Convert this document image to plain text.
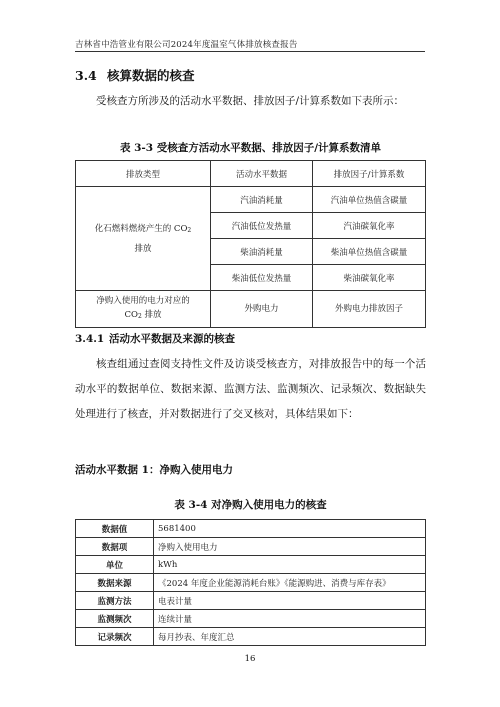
吉林省中浩管业有限公司2024年度温室气体排放核查报告
3.4 核算数据的核查
受核查方所涉及的活动水平数据、排放因子/计算系数如下表所示：
表 3-3 受核查方活动水平数据、排放因子/计算系数清单
排放类型	活动水平数据	排放因子/计算系数
化石燃料燃烧产生的 $CO_2$
排放	汽油消耗量	汽油单位热值含碳量
	汽油低位发热量	汽油碳氧化率
	柴油消耗量	柴油单位热值含碳量
	柴油低位发热量	柴油碳氧化率
净购入使用的电力对应的
$CO_2$ 排放	外购电力	外购电力排放因子
3.4.1 活动水平数据及来源的核查
核查组通过查阅支持性文件及访谈受核查方，对排放报告中的每一个活动水平的数据单位、数据来源、监测方法、监测频次、记录频次、数据缺失处理进行了核查，并对数据进行了交叉核对，具体结果如下：
活动水平数据 1：净购入使用电力
表 3-4 对净购入使用电力的核查
数据值	5681400
数据项	净购入使用电力
单位	kWh
数据来源	《2024 年度企业能源消耗台账》《能源购进、消费与库存表》
监测方法	电表计量
监测频次	连续计量
记录频次	每月抄表、年度汇总
16
